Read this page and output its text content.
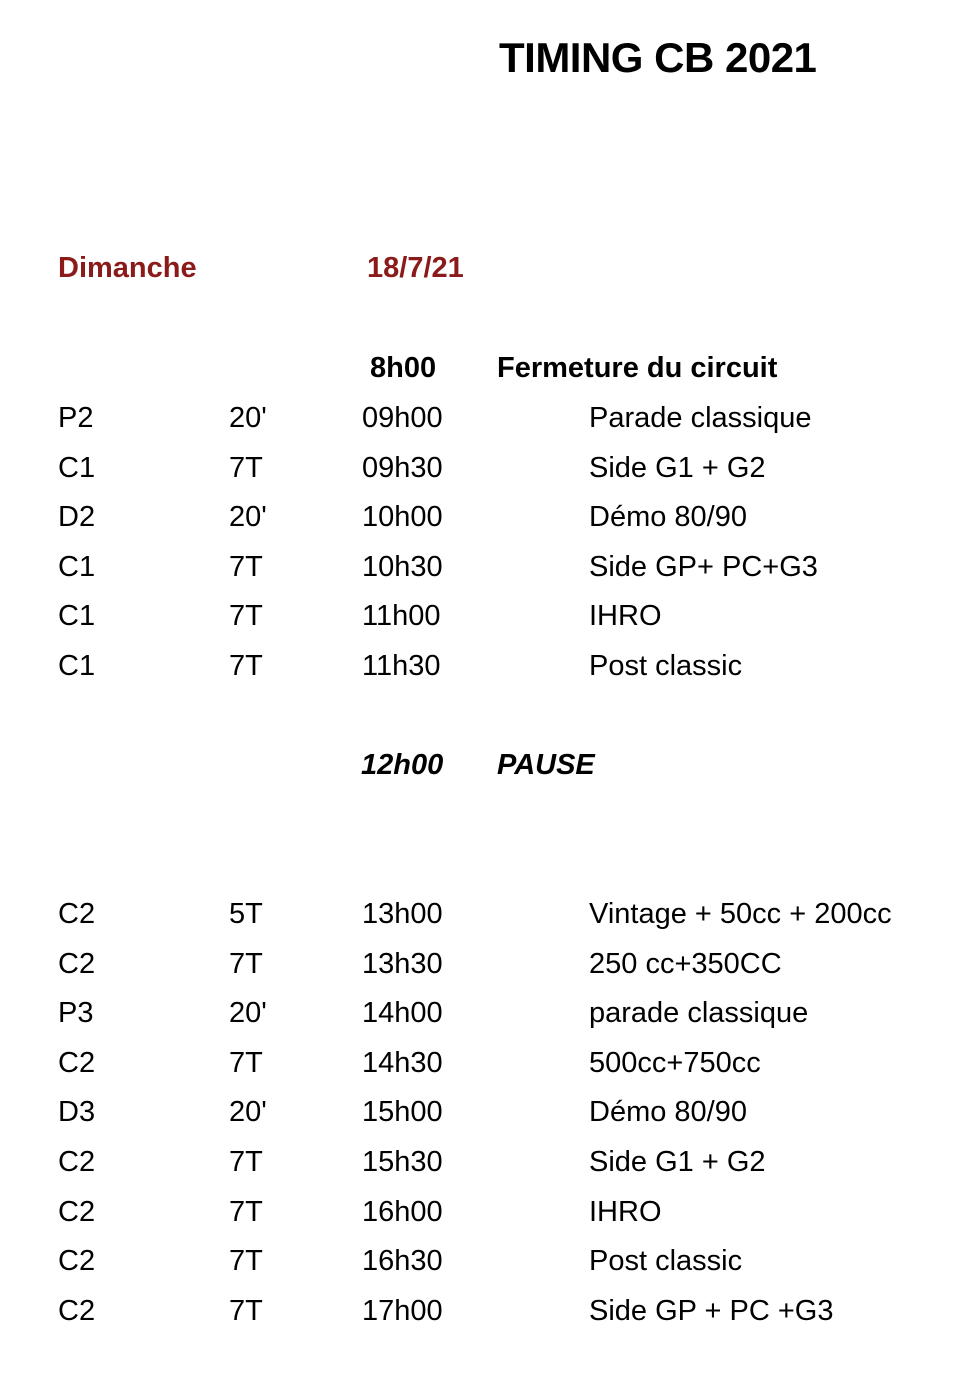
TIMING CB 2021
Dimanche	18/7/21
8h00 Fermeture du circuit
P2	20'	09h00	Parade classique
C1	7T	09h30	Side G1 + G2
D2	20'	10h00	Démo 80/90
C1	7T	10h30	Side GP+ PC+G3
C1	7T	11h00	IHRO
C1	7T	11h30	Post classic
12h00 PAUSE
C2	5T	13h00	Vintage + 50cc + 200cc
C2	7T	13h30	250 cc+350CC
P3	20'	14h00	parade classique
C2	7T	14h30	500cc+750cc
D3	20'	15h00	Démo 80/90
C2	7T	15h30	Side G1 + G2
C2	7T	16h00	IHRO
C2	7T	16h30	Post classic
C2	7T	17h00	Side GP + PC +G3
